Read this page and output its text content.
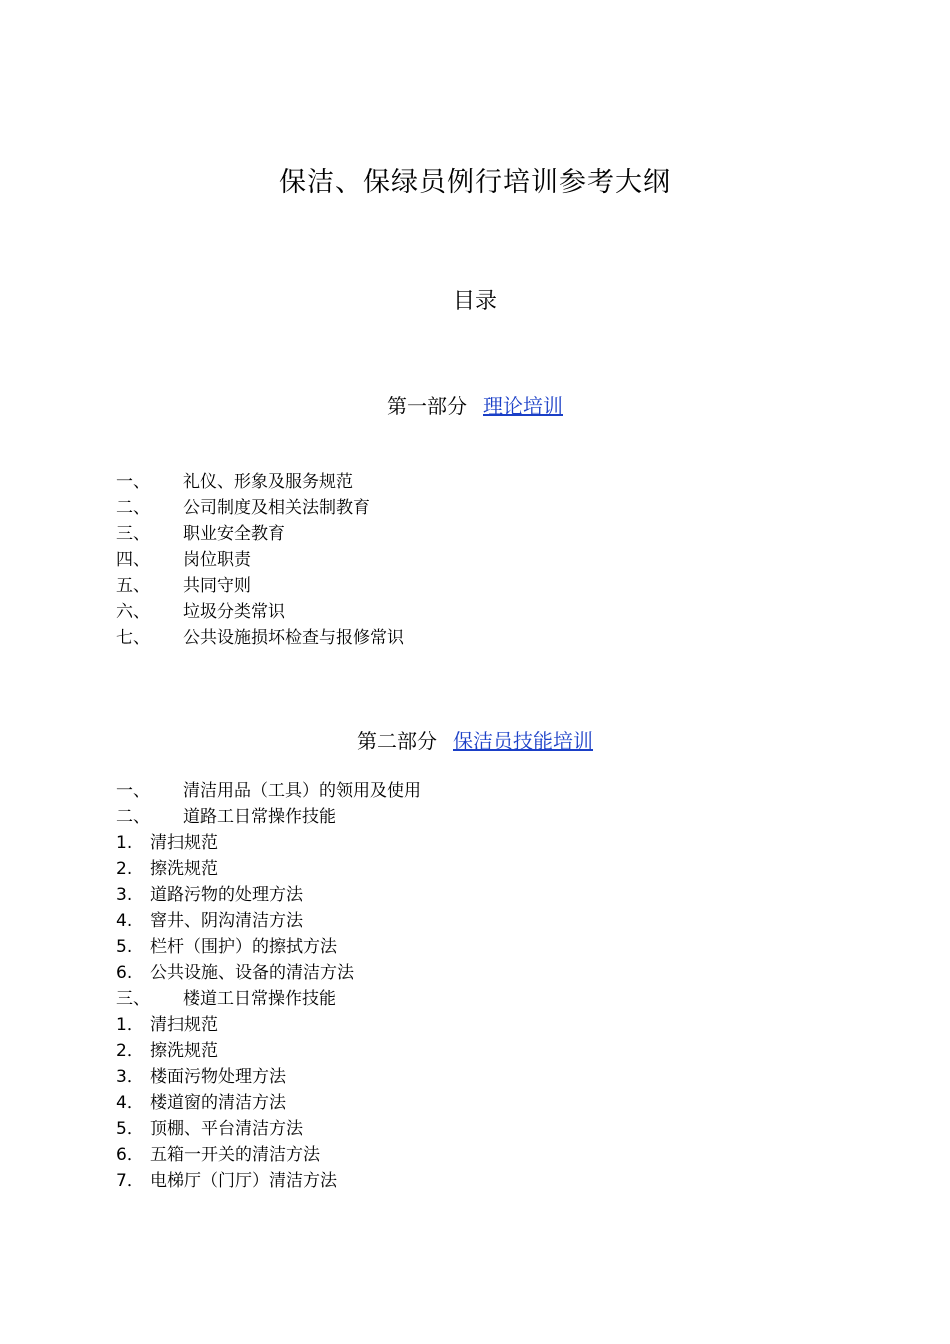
保洁、保绿员例行培训参考大纲
目录
第一部分 理论培训
一、 礼仪、形象及服务规范
二、 公司制度及相关法制教育
三、 职业安全教育
四、 岗位职责
五、 共同守则
六、 垃圾分类常识
七、 公共设施损坏检查与报修常识
第二部分 保洁员技能培训
一、 清洁用品（工具）的领用及使用
二、 道路工日常操作技能
1. 清扫规范
2. 擦洗规范
3. 道路污物的处理方法
4. 窨井、阴沟清洁方法
5. 栏杆（围护）的擦拭方法
6. 公共设施、设备的清洁方法
三、 楼道工日常操作技能
1． 清扫规范
2． 擦洗规范
3． 楼面污物处理方法
4． 楼道窗的清洁方法
5． 顶棚、平台清洁方法
6． 五箱一开关的清洁方法
7． 电梯厅（门厅）清洁方法
